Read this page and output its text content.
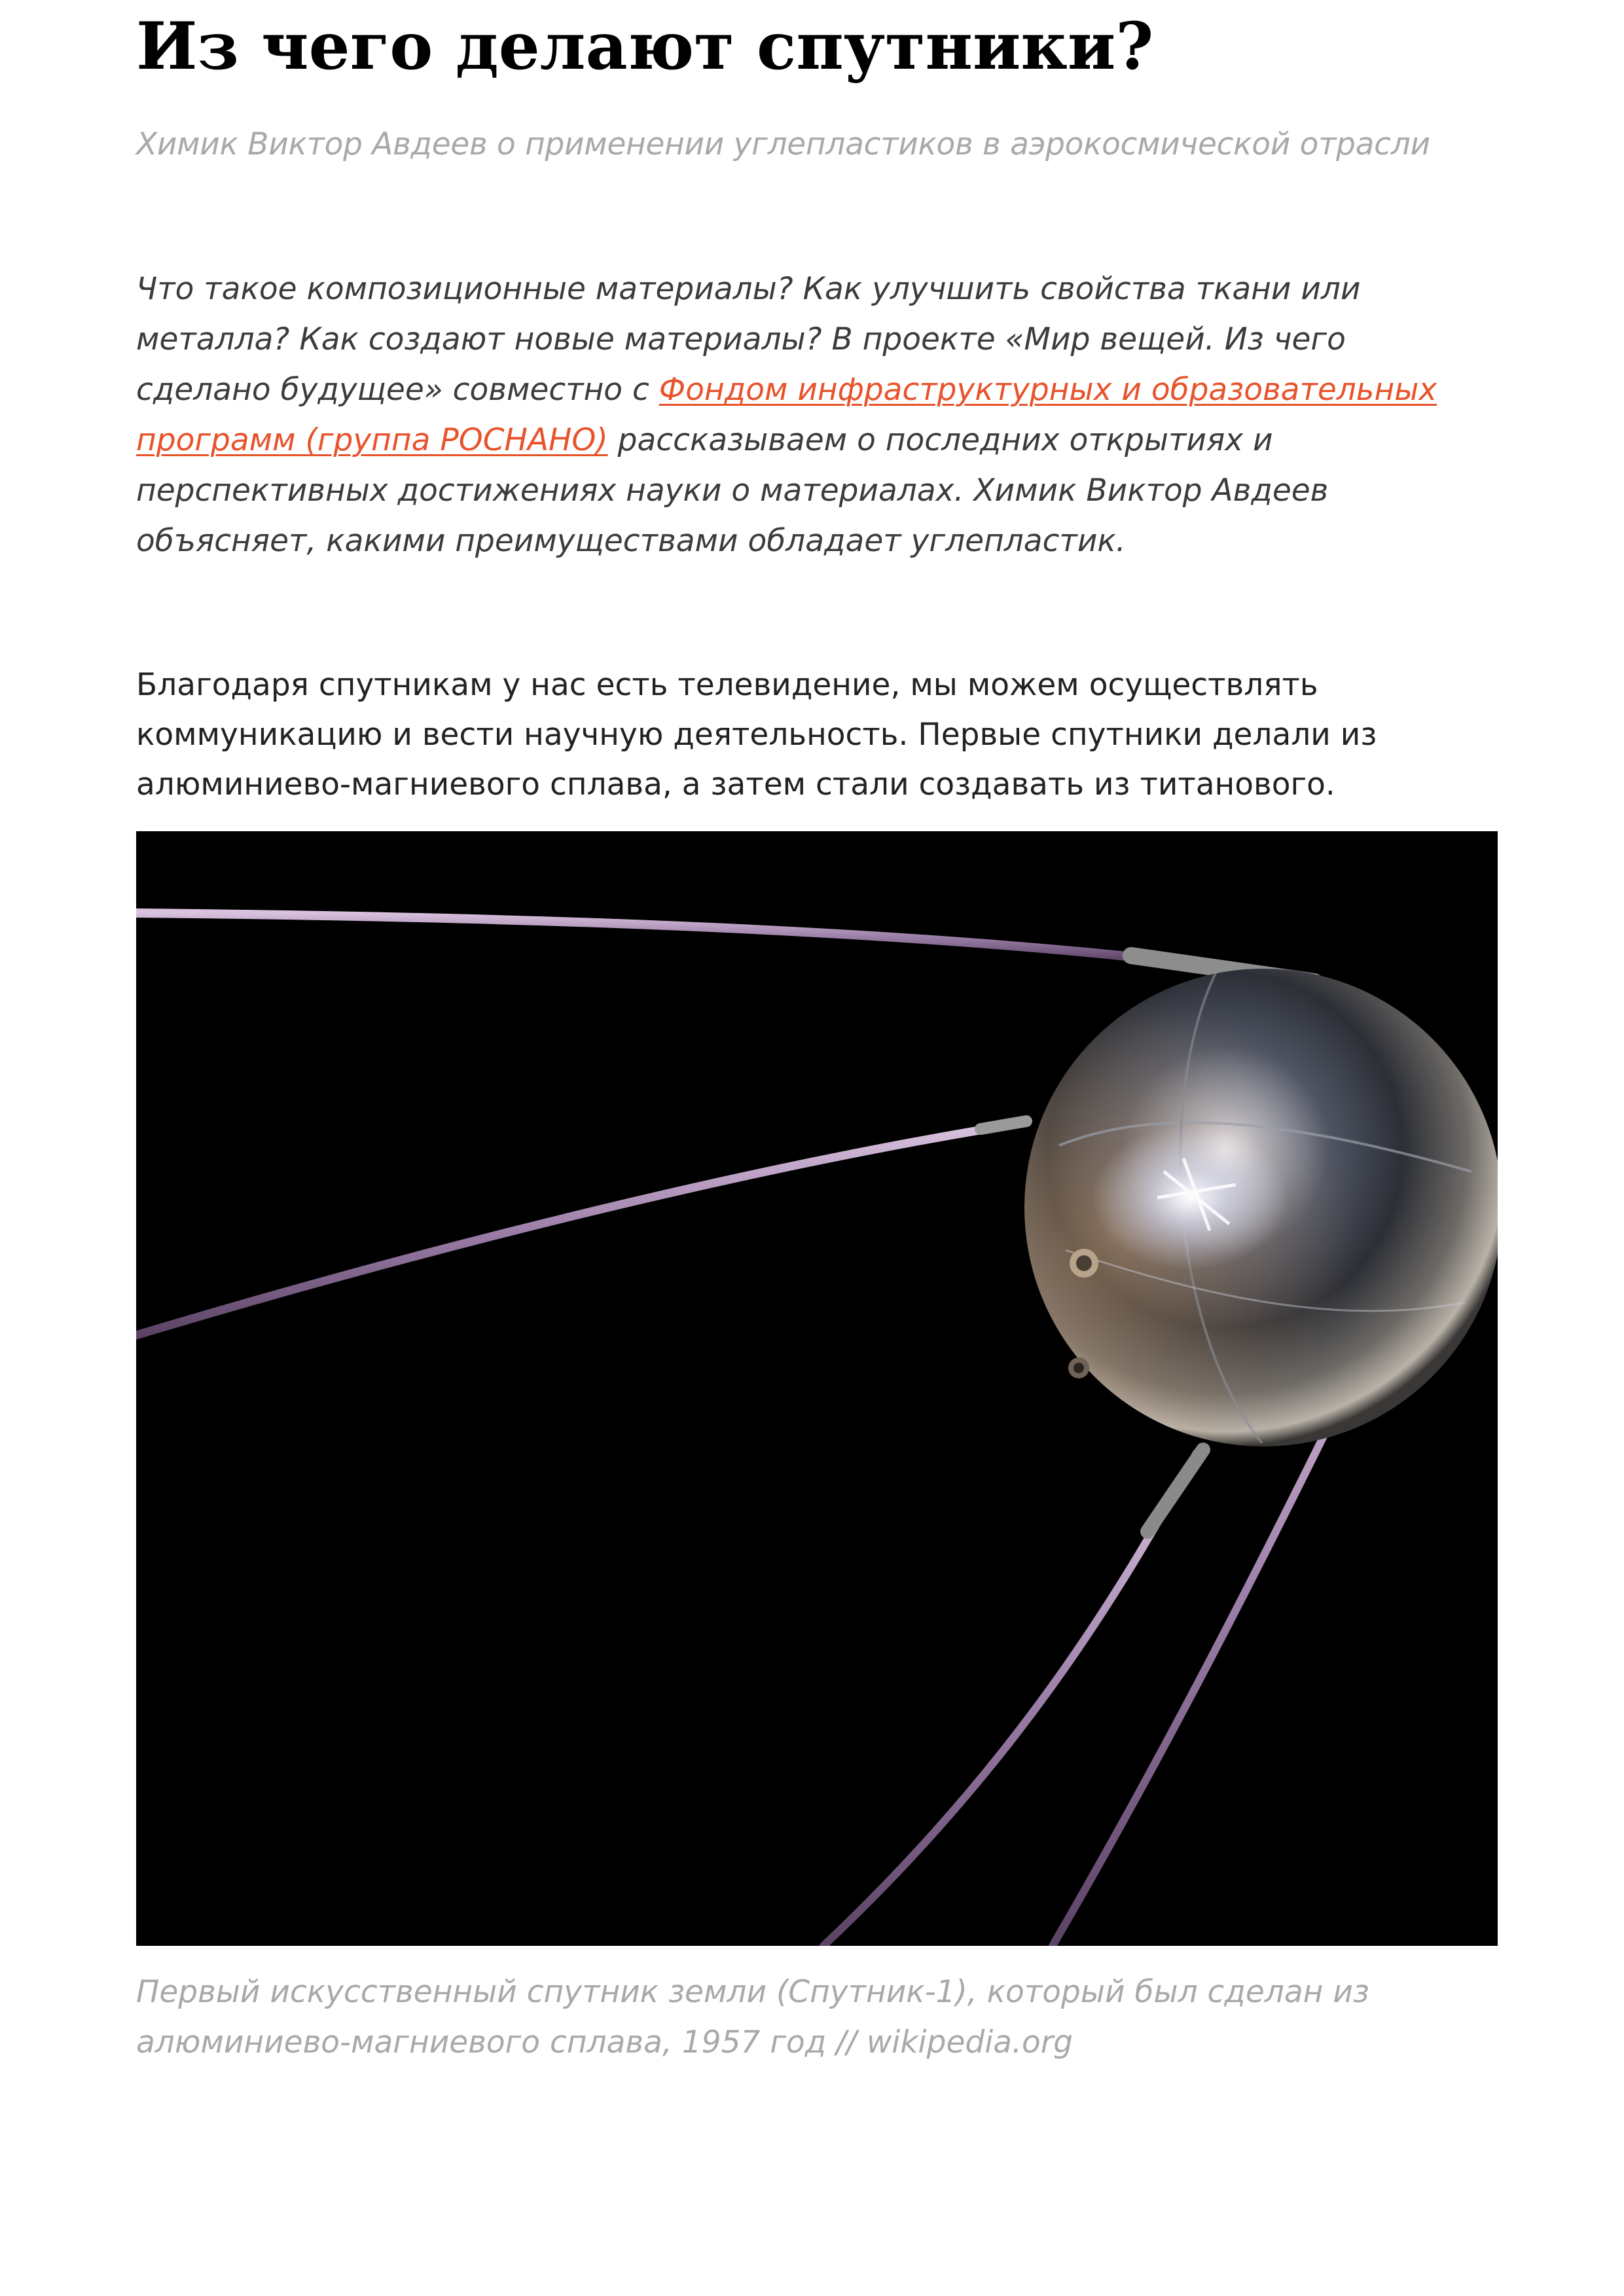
Из чего делают спутники?

Химик Виктор Авдеев о применении углепластиков в аэрокосмической отрасли

Что такое композиционные материалы? Как улучшить свойства ткани или
металла? Как создают новые материалы? В проекте «Мир вещей. Из чего
сделано будущее» совместно с Фондом инфраструктурных и образовательных
программ (группа РОСНАНО) рассказываем о последних открытиях и
перспективных достижениях науки о материалах. Химик Виктор Авдеев
объясняет, какими преимуществами обладает углепластик.
Благодаря спутникам у нас есть телевидение, мы можем осуществлять
коммуникацию и вести научную деятельность. Первые спутники делали из
алюминиево-магниевого сплава, а затем стали создавать из титанового.
Первый искусственный спутник земли (Спутник-1), который был сделан из
алюминиево-магниевого сплава, 1957 год // wikipedia.org
